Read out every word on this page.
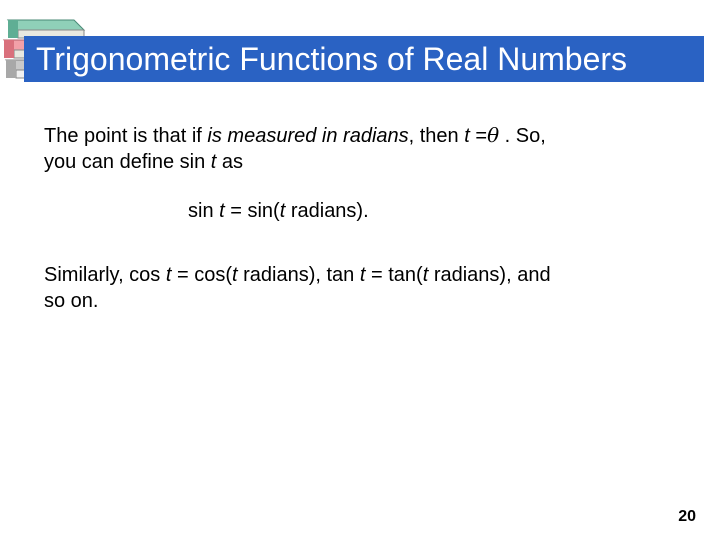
Trigonometric Functions of Real Numbers
The point is that if is measured in radians, then t =θ . So,
you can define sin t as
sin t = sin(t radians).
Similarly, cos t = cos(t radians), tan t = tan(t radians), and
so on.
20
